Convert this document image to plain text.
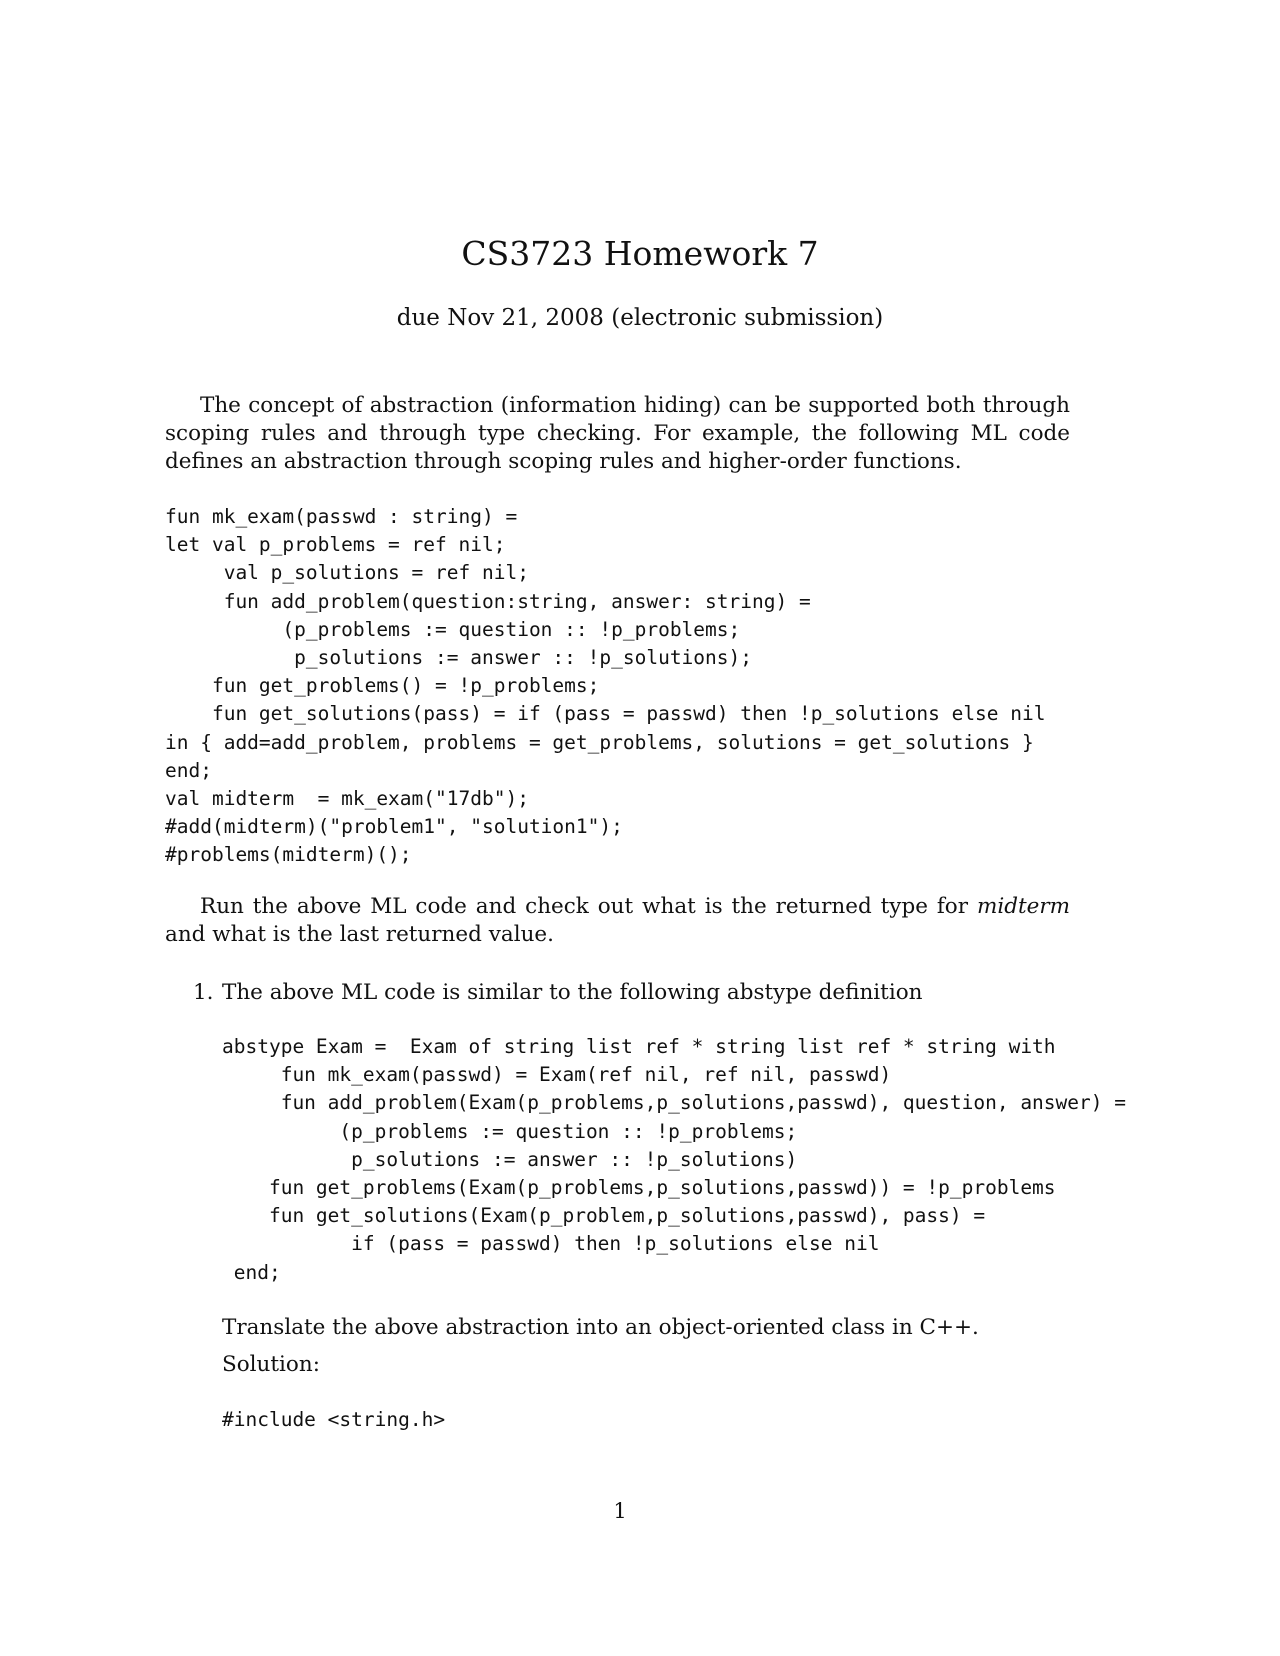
CS3723 Homework 7
due Nov 21, 2008 (electronic submission)
The concept of abstraction (information hiding) can be supported both through scoping rules and through type checking. For example, the following ML code defines an abstraction through scoping rules and higher-order functions.
fun mk_exam(passwd : string) =
let val p_problems = ref nil;
val p_solutions = ref nil;
fun add_problem(question:string, answer: string) =
(p_problems := question :: !p_problems;
p_solutions := answer :: !p_solutions);
fun get_problems() = !p_problems;
fun get_solutions(pass) = if (pass = passwd) then !p_solutions else nil
in { add=add_problem, problems = get_problems, solutions = get_solutions }
end;
val midterm  = mk_exam("17db");
#add(midterm)("problem1", "solution1");
#problems(midterm)();
Run the above ML code and check out what is the returned type for midterm and what is the last returned value.
1. The above ML code is similar to the following abstype definition
abstype Exam =  Exam of string list ref * string list ref * string with
fun mk_exam(passwd) = Exam(ref nil, ref nil, passwd)
fun add_problem(Exam(p_problems,p_solutions,passwd), question, answer) =
(p_problems := question :: !p_problems;
p_solutions := answer :: !p_solutions)
fun get_problems(Exam(p_problems,p_solutions,passwd)) = !p_problems
fun get_solutions(Exam(p_problem,p_solutions,passwd), pass) =
if (pass = passwd) then !p_solutions else nil
end;
Translate the above abstraction into an object-oriented class in C++.
Solution:
#include <string.h>
1
